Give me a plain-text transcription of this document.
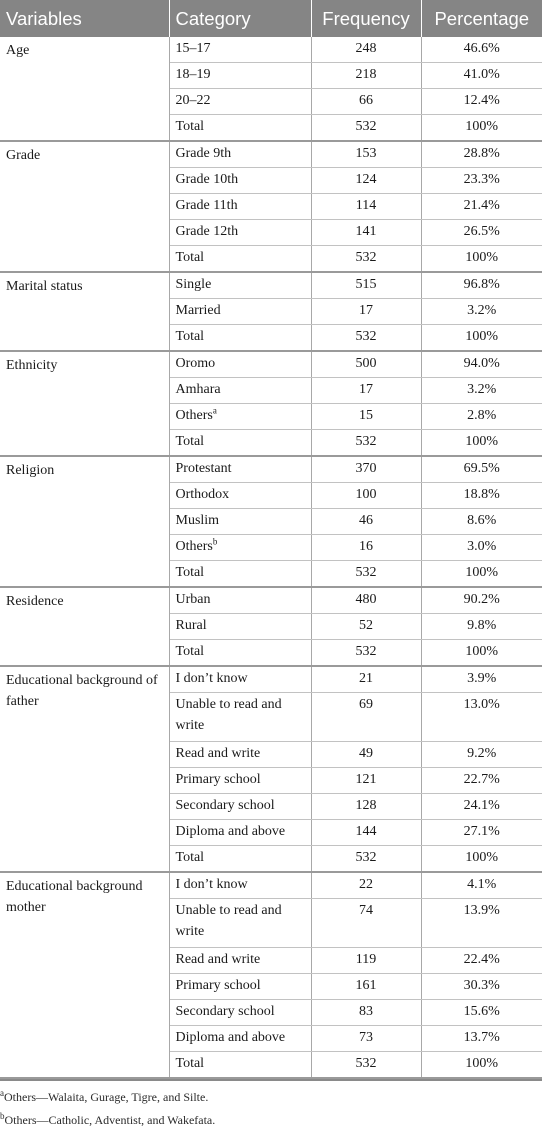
Variables	Category	Frequency	Percentage
Age	15–17	248	46.6%
	18–19	218	41.0%
	20–22	66	12.4%
	Total	532	100%
Grade	Grade 9th	153	28.8%
	Grade 10th	124	23.3%
	Grade 11th	114	21.4%
	Grade 12th	141	26.5%
	Total	532	100%
Marital status	Single	515	96.8%
	Married	17	3.2%
	Total	532	100%
Ethnicity	Oromo	500	94.0%
	Amhara	17	3.2%
	Others$^a$	15	2.8%
	Total	532	100%
Religion	Protestant	370	69.5%
	Orthodox	100	18.8%
	Muslim	46	8.6%
	Others$^b$	16	3.0%
	Total	532	100%
Residence	Urban	480	90.2%
	Rural	52	9.8%
	Total	532	100%
Educational background of father	I don’t know	21	3.9%
	Unable to read and write	69	13.0%
	Read and write	49	9.2%
	Primary school	121	22.7%
	Secondary school	128	24.1%
	Diploma and above	144	27.1%
	Total	532	100%
Educational background mother	I don’t know	22	4.1%
	Unable to read and write	74	13.9%
	Read and write	119	22.4%
	Primary school	161	30.3%
	Secondary school	83	15.6%
	Diploma and above	73	13.7%
	Total	532	100%
$^a$Others—Walaita, Gurage, Tigre, and Silte.
$^b$Others—Catholic, Adventist, and Wakefata.
